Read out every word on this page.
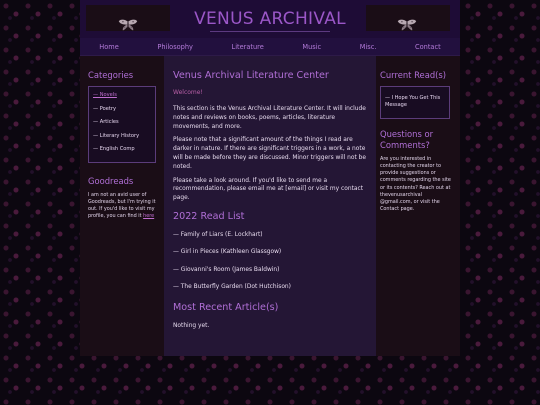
VENUS ARCHIVAL
Home	Philosophy	Literature	Music	Misc.	Contact
Categories
— Novels
— Poetry
— Articles
— Literary History
— English Comp
Goodreads
I am not an avid user of Goodreads, but I'm trying it out. If you'd like to visit my profile, you can find it here
Venus Archival Literature Center
Welcome!

This section is the Venus Archival Literature Center. It will include notes and reviews on books, poems, articles, literature movements, and more.

Please note that a significant amount of the things I read are darker in nature. If there are significant triggers in a work, a note will be made before they are discussed. Minor triggers will not be noted.

Please take a look around. If you'd like to send me a recommendation, please email me at [email] or visit my contact page.

2022 Read List
— Family of Liars (E. Lockhart)
— Girl in Pieces (Kathleen Glassgow)
— Giovanni's Room (James Baldwin)
— The Butterfly Garden (Dot Hutchison)
Most Recent Article(s)
Nothing yet.
Current Read(s)
— I Hope You Get This Message
Questions or Comments?
Are you interested in contacting the creator to provide suggestions or comments regarding the site or its contents? Reach out at thevenusarchival @gmail.com, or visit the Contact page.
